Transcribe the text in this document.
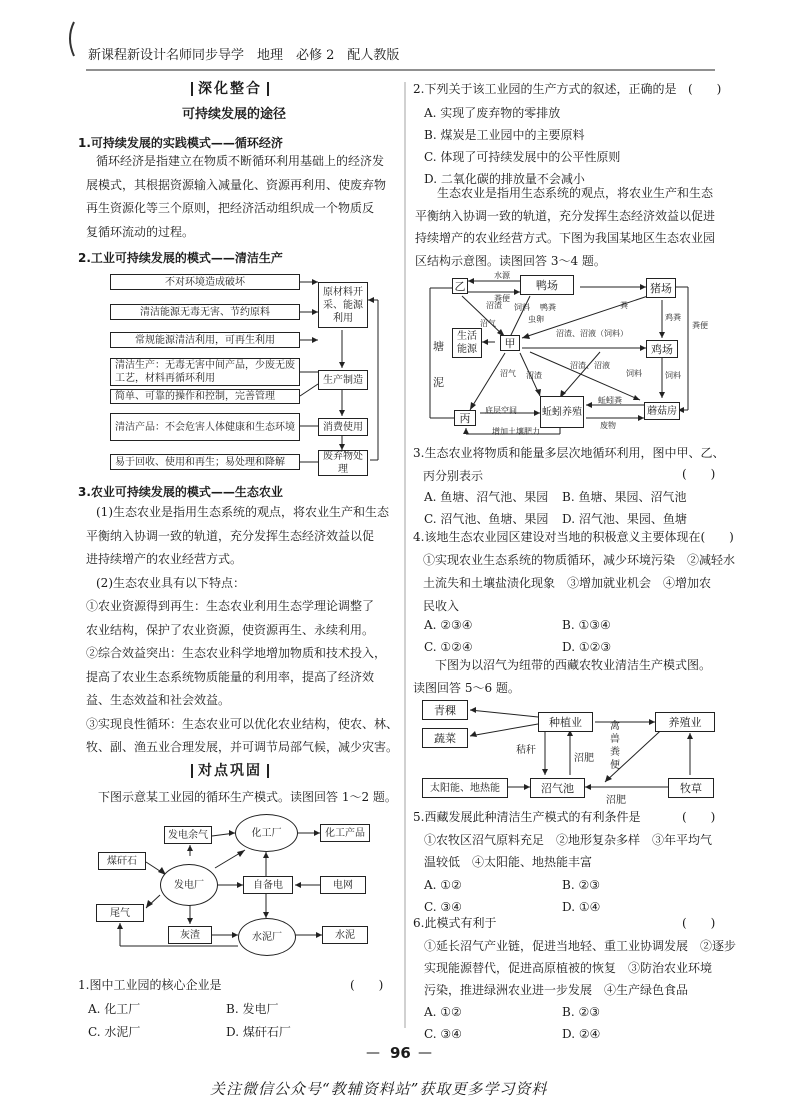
新课程新设计名师同步导学　地理　必修 2　配人教版
深化整合
可持续发展的途径
1.可持续发展的实践模式——循环经济
循环经济是指建立在物质不断循环利用基础上的经济发
展模式，其根据资源输入减量化、资源再利用、使废弃物
再生资源化等三个原则，把经济活动组织成一个物质反
复循环流动的过程。
2.工业可持续发展的模式——清洁生产
不对环境造成破坏
清洁能源无毒无害、节约原料
常规能源清洁利用，可再生利用
原材料开采、能源利用
清洁生产：无毒无害中间产品，少废无废工艺，材料再循环利用
简单、可靠的操作和控制，完善管理
生产制造
清洁产品：不会危害人体健康和生态环境	消费使用
易于回收、使用和再生；易处理和降解	废弃物处理
3.农业可持续发展的模式——生态农业
(1)生态农业是指用生态系统的观点，将农业生产和生态
平衡纳入协调一致的轨道，充分发挥生态经济效益以促
进持续增产的农业经营方式。
(2)生态农业具有以下特点：
①农业资源得到再生：生态农业利用生态学理论调整了
农业结构，保护了农业资源，使资源再生、永续利用。
②综合效益突出：生态农业科学地增加物质和技术投入，
提高了农业生态系统物质能量的利用率，提高了经济效
益、生态效益和社会效益。
③实现良性循环：生态农业可以优化农业结构，使农、林、
牧、副、渔五业合理发展，并可调节局部气候，减少灾害。
对点巩固
下图示意某工业园的循环生产模式。读图回答 1～2 题。
发电余气	化工厂	化工产品
煤矸石
发电厂	自备电	电网
尾气
灰渣	水泥厂	水泥
1.图中工业园的核心企业是	(　　)
A. 化工厂	B. 发电厂
C. 水泥厂	D. 煤矸石厂
2.下列关于该工业园的生产方式的叙述，正确的是 (　　)
A. 实现了废弃物的零排放
B. 煤炭是工业园中的主要原料
C. 体现了可持续发展中的公平性原则
D. 二氧化碳的排放量不会减小
生态农业是指用生态系统的观点，将农业生产和生态
平衡纳入协调一致的轨道，充分发挥生态经济效益以促进
持续增产的农业经营方式。下图为我国某地区生态农业园
区结构示意图。读图回答 3～4 题。
乙	鸭场	猪场
生活能源	甲	鸡场
丙	蚯蚓养殖	蘑菇房
塘
泥
水源
粪便
沼气
沼渣 饲料
虫卵
鸭粪	粪
沼渣、沼液（饲料）
鸡粪
粪便
沼渣、沼液
饲料
底层空间
蚯蚓粪
饲料
废物
增加土壤肥力
沼气 沼渣
3.生态农业将物质和能量多层次地循环利用，图中甲、乙、
丙分别表示	(　　)
A. 鱼塘、沼气池、果园 B. 鱼塘、果园、沼气池
C. 沼气池、鱼塘、果园 D. 沼气池、果园、鱼塘
4.该地生态农业园区建设对当地的积极意义主要体现在(　　)
①实现农业生态系统的物质循环，减少环境污染　②减轻水
土流失和土壤盐渍化现象　③增加就业机会　④增加农
民收入
A. ②③④	B. ①③④
C. ①②④	D. ①②③
下图为以沼气为纽带的西藏农牧业清洁生产模式图。
读图回答 5～6 题。
青稞
蔬菜
种植业	养殖业
秸秆
沼肥
禽兽粪便
太阳能、地热能	沼气池	牧草
沼肥
5.西藏发展此种清洁生产模式的有利条件是	(　　)
①农牧区沼气原料充足　②地形复杂多样　③年平均气
温较低　④太阳能、地热能丰富
A. ①②	B. ②③
C. ③④	D. ①④
6.此模式有利于	(　　)
①延长沼气产业链，促进当地轻、重工业协调发展　②逐步
实现能源替代，促进高原植被的恢复　③防治农业环境
污染，推进绿洲农业进一步发展　④生产绿色食品
A. ①②	B. ②③
C. ③④	D. ②④
— 96 —
关注微信公众号“教辅资料站”获取更多学习资料
